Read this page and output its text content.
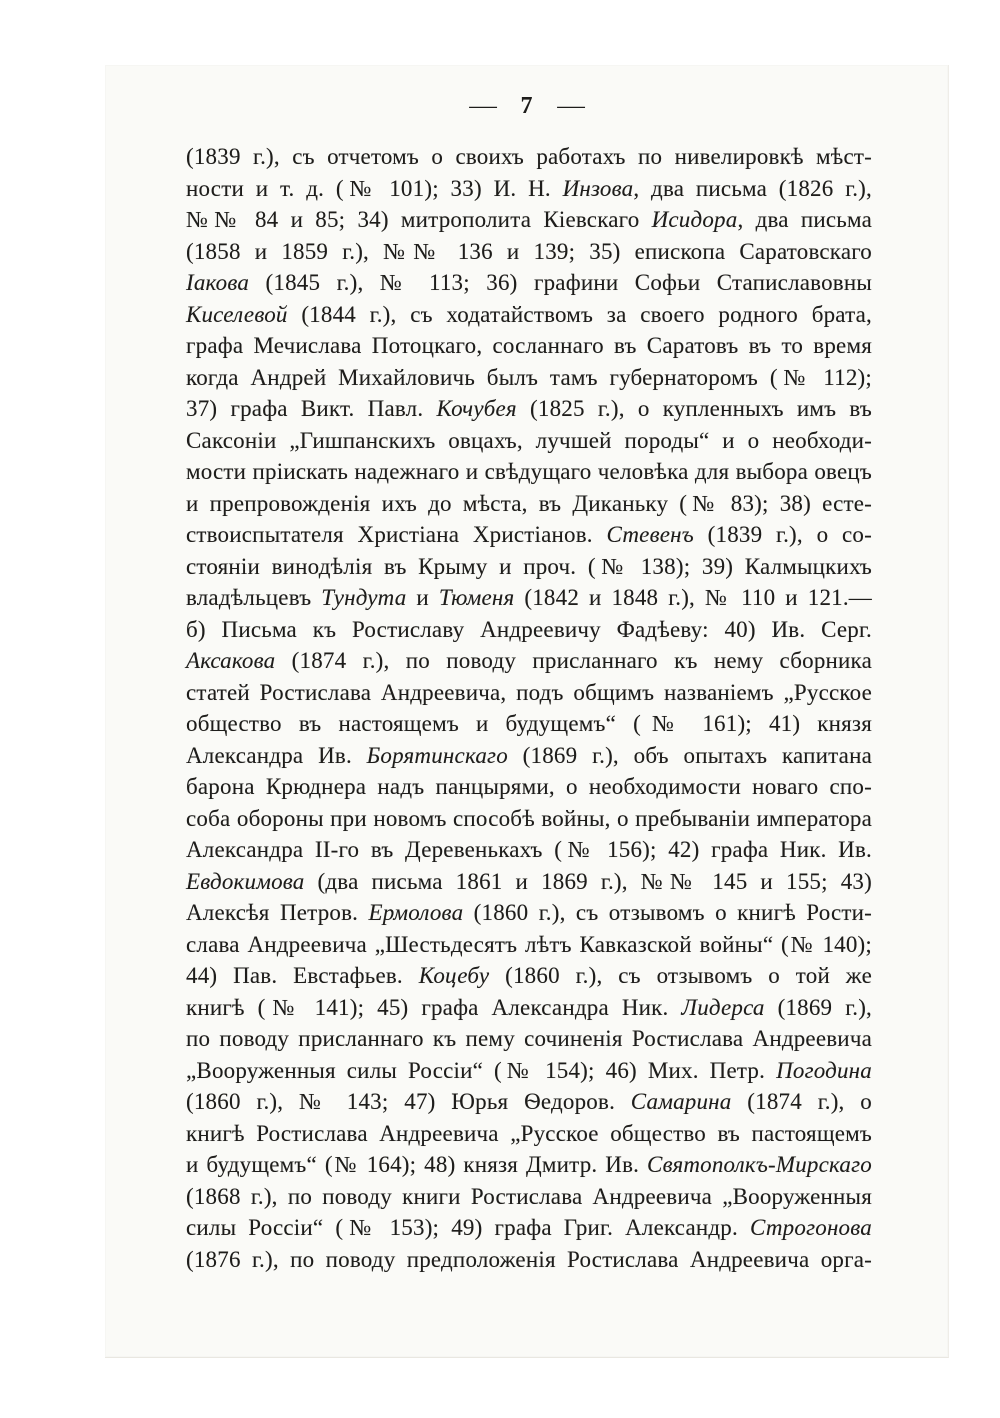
— 7 —
(1839 г.), съ отчетомъ о своихъ работахъ по нивелировкѣ мѣст-
ности и т. д. (№ 101); 33) И. Н. Инзова, два письма (1826 г.),
№№ 84 и 85; 34) митрополита Кіевскаго Исидора, два письма
(1858 и 1859 г.), №№ 136 и 139; 35) епископа Саратовскаго
Іакова (1845 г.), № 113; 36) графини Софьи Стапиславовны
Киселевой (1844 г.), съ ходатайствомъ за своего родного брата,
графа Мечислава Потоцкаго, сосланнаго въ Саратовъ въ то время
когда Андрей Михайловичь былъ тамъ губернаторомъ (№ 112);
37) графа Викт. Павл. Кочубея (1825 г.), о купленныхъ имъ въ
Саксоніи „Гишпанскихъ овцахъ, лучшей породы“ и о необходи-
мости пріискать надежнаго и свѣдущаго человѣка для выбора овецъ
и препровожденія ихъ до мѣста, въ Диканьку (№ 83); 38) есте-
ствоиспытателя Христіана Христіанов. Стевенъ (1839 г.), о со-
стояніи винодѣлія въ Крыму и проч. (№ 138); 39) Калмыцкихъ
владѣльцевъ Тундута и Тюменя (1842 и 1848 г.), № 110 и 121.—
б) Письма къ Ростиславу Андреевичу Фадѣеву: 40) Ив. Серг.
Аксакова (1874 г.), по поводу присланнаго къ нему сборника
статей Ростислава Андреевича, подъ общимъ названіемъ „Русское
общество въ настоящемъ и будущемъ“ (№ 161); 41) князя
Александра Ив. Борятинскаго (1869 г.), объ опытахъ капитана
барона Крюднера надъ панцырями, о необходимости новаго спо-
соба обороны при новомъ способѣ войны, о пребываніи императора
Александра II-го въ Деревенькахъ (№ 156); 42) графа Ник. Ив.
Евдокимова (два письма 1861 и 1869 г.), №№ 145 и 155; 43)
Алексѣя Петров. Ермолова (1860 г.), съ отзывомъ о книгѣ Рости-
слава Андреевича „Шестьдесятъ лѣтъ Кавказской войны“ (№ 140);
44) Пав. Евстафьев. Коцебу (1860 г.), съ отзывомъ о той же
книгѣ (№ 141); 45) графа Александра Ник. Лидерса (1869 г.),
по поводу присланнаго къ пему сочиненія Ростислава Андреевича
„Вооруженныя силы Россіи“ (№ 154); 46) Мих. Петр. Погодина
(1860 г.), № 143; 47) Юрья Ѳедоров. Самарина (1874 г.), о
книгѣ Ростислава Андреевича „Русское общество въ пастоящемъ
и будущемъ“ (№ 164); 48) князя Дмитр. Ив. Святополкъ-Мирскаго
(1868 г.), по поводу книги Ростислава Андреевича „Вооруженныя
силы Россіи“ (№ 153); 49) графа Григ. Александр. Строгонова
(1876 г.), по поводу предположенія Ростислава Андреевича орга-
